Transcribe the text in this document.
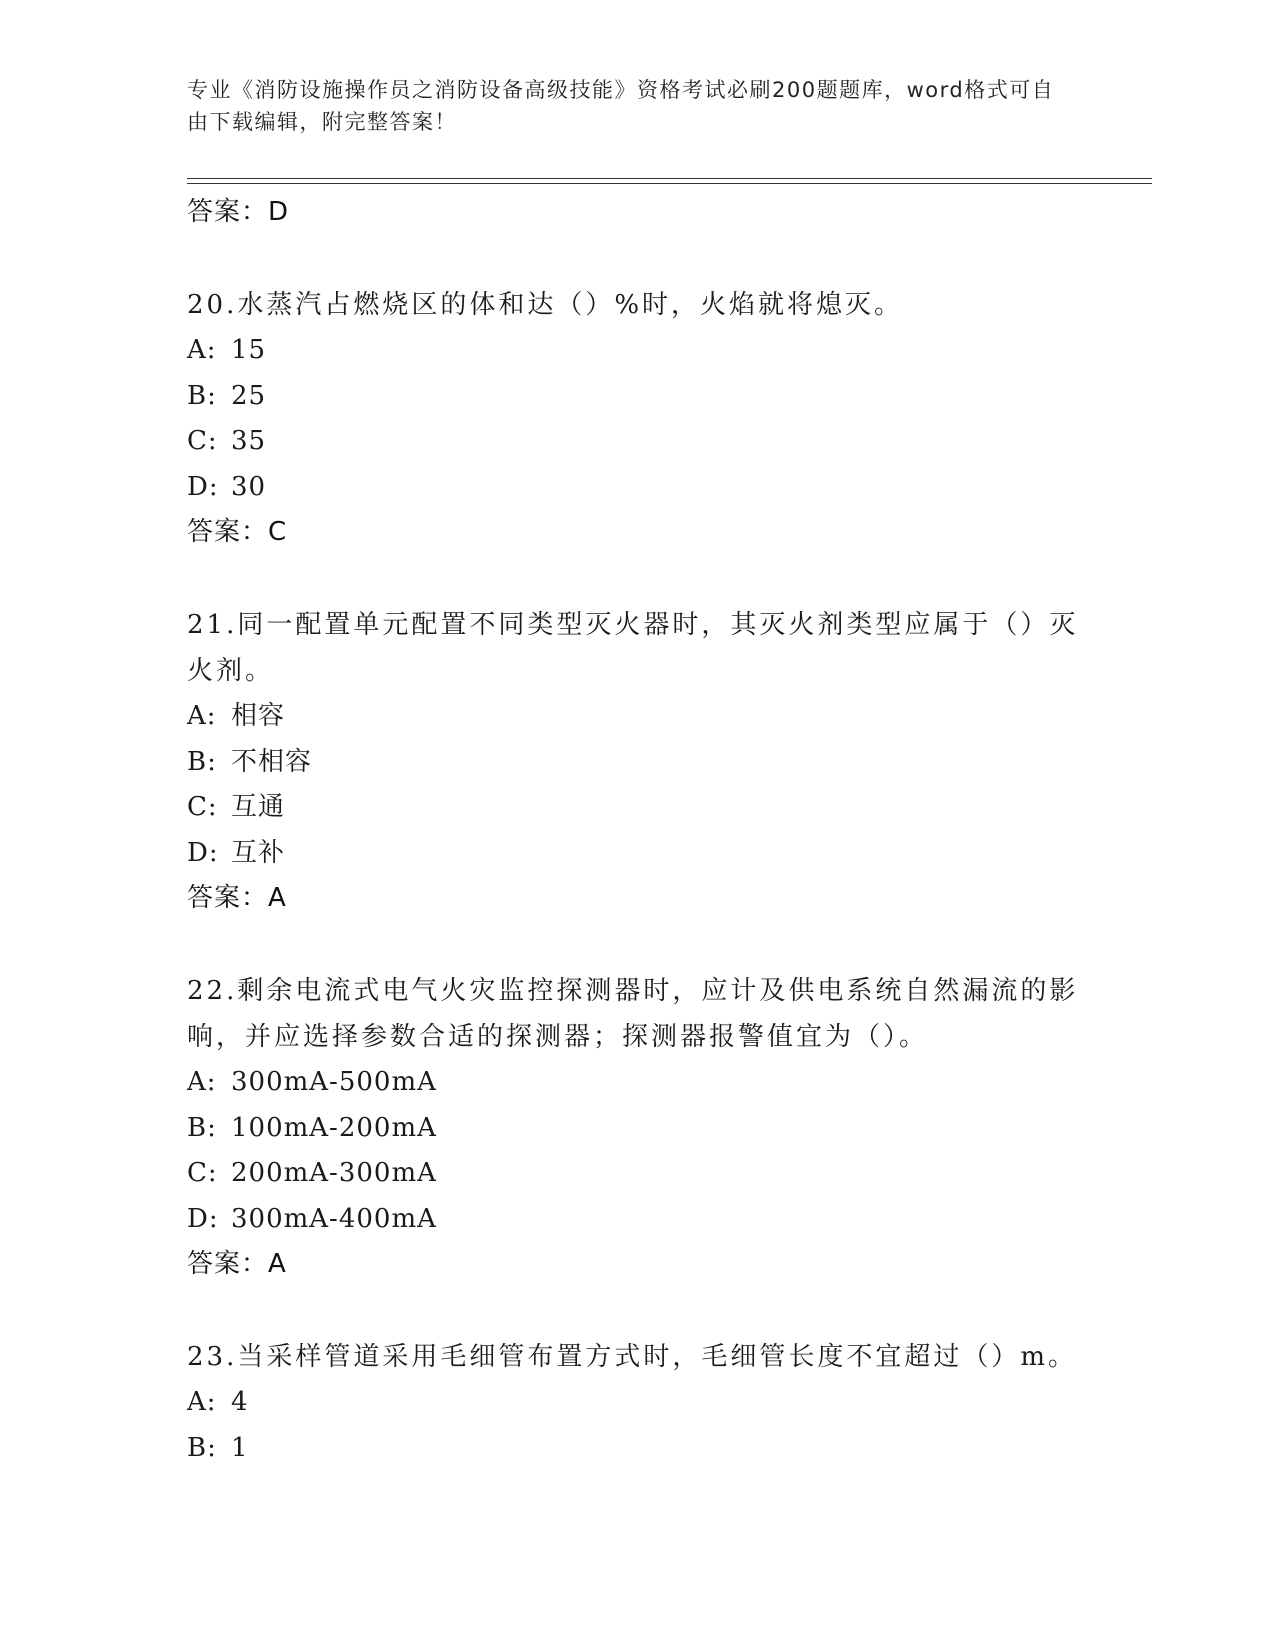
专业《消防设施操作员之消防设备高级技能》资格考试必刷200题题库，word格式可自由下载编辑，附完整答案！
答案：D
20.水蒸汽占燃烧区的体和达（）%时，火焰就将熄灭。
A: 15
B: 25
C: 35
D: 30
答案：C
21.同一配置单元配置不同类型灭火器时，其灭火剂类型应属于（）灭火剂。
A: 相容
B: 不相容
C: 互通
D: 互补
答案：A
22.剩余电流式电气火灾监控探测器时，应计及供电系统自然漏流的影响，并应选择参数合适的探测器；探测器报警值宜为（）。
A: 300mA-500mA
B: 100mA-200mA
C: 200mA-300mA
D: 300mA-400mA
答案：A
23.当采样管道采用毛细管布置方式时，毛细管长度不宜超过（）m。
A: 4
B: 1
